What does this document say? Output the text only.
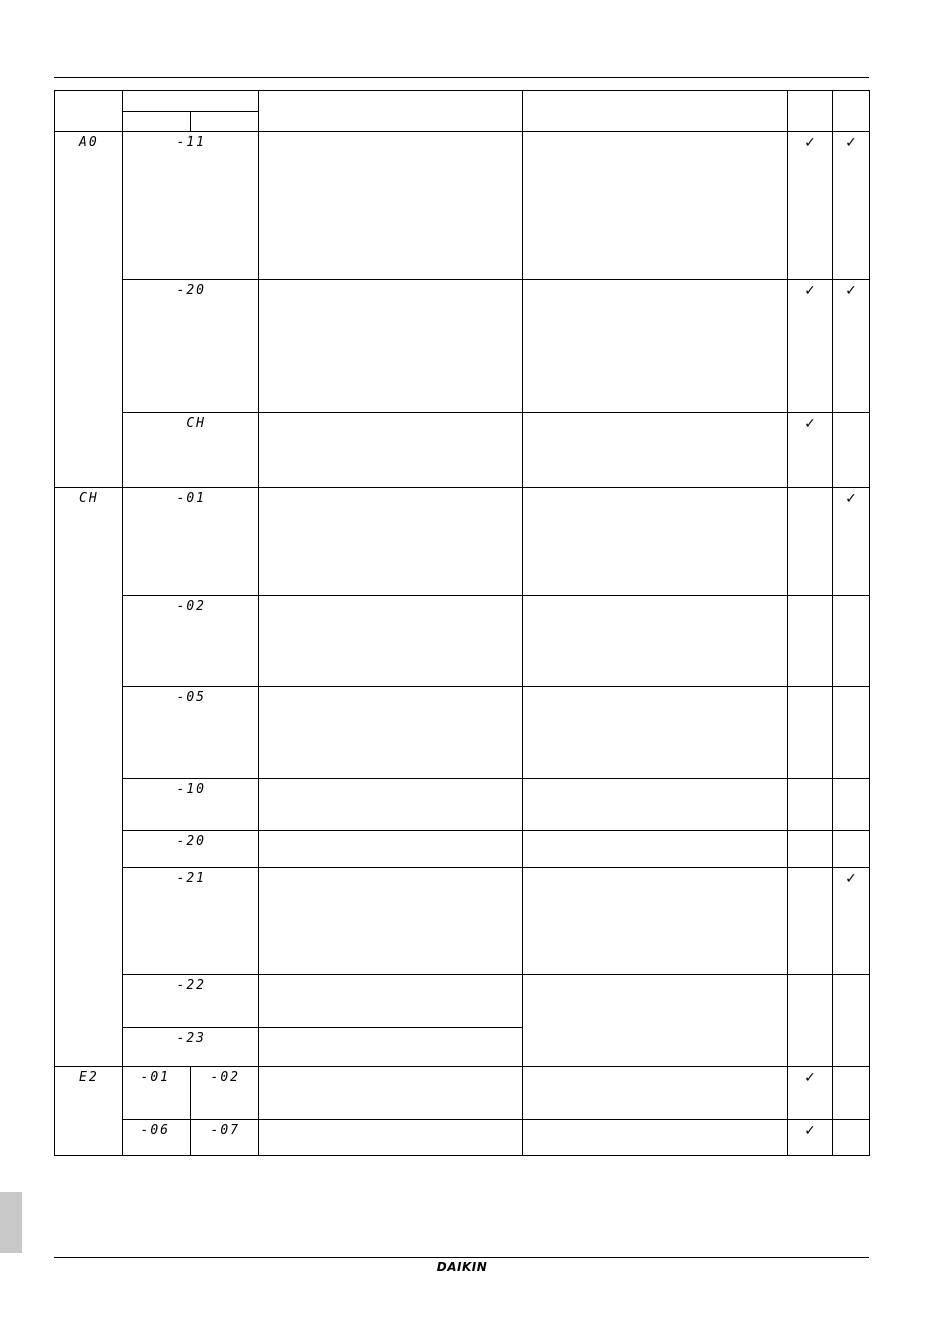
A0	-11				✓	✓

	-20				✓	✓

	CH				✓	

CH	-01					✓

	-02					

	-05					

	-10					

	-20					

	-21					✓

	-22					

	-23					

E2	-01	-02			✓	

	-06	-07			✓	

DAIKIN
